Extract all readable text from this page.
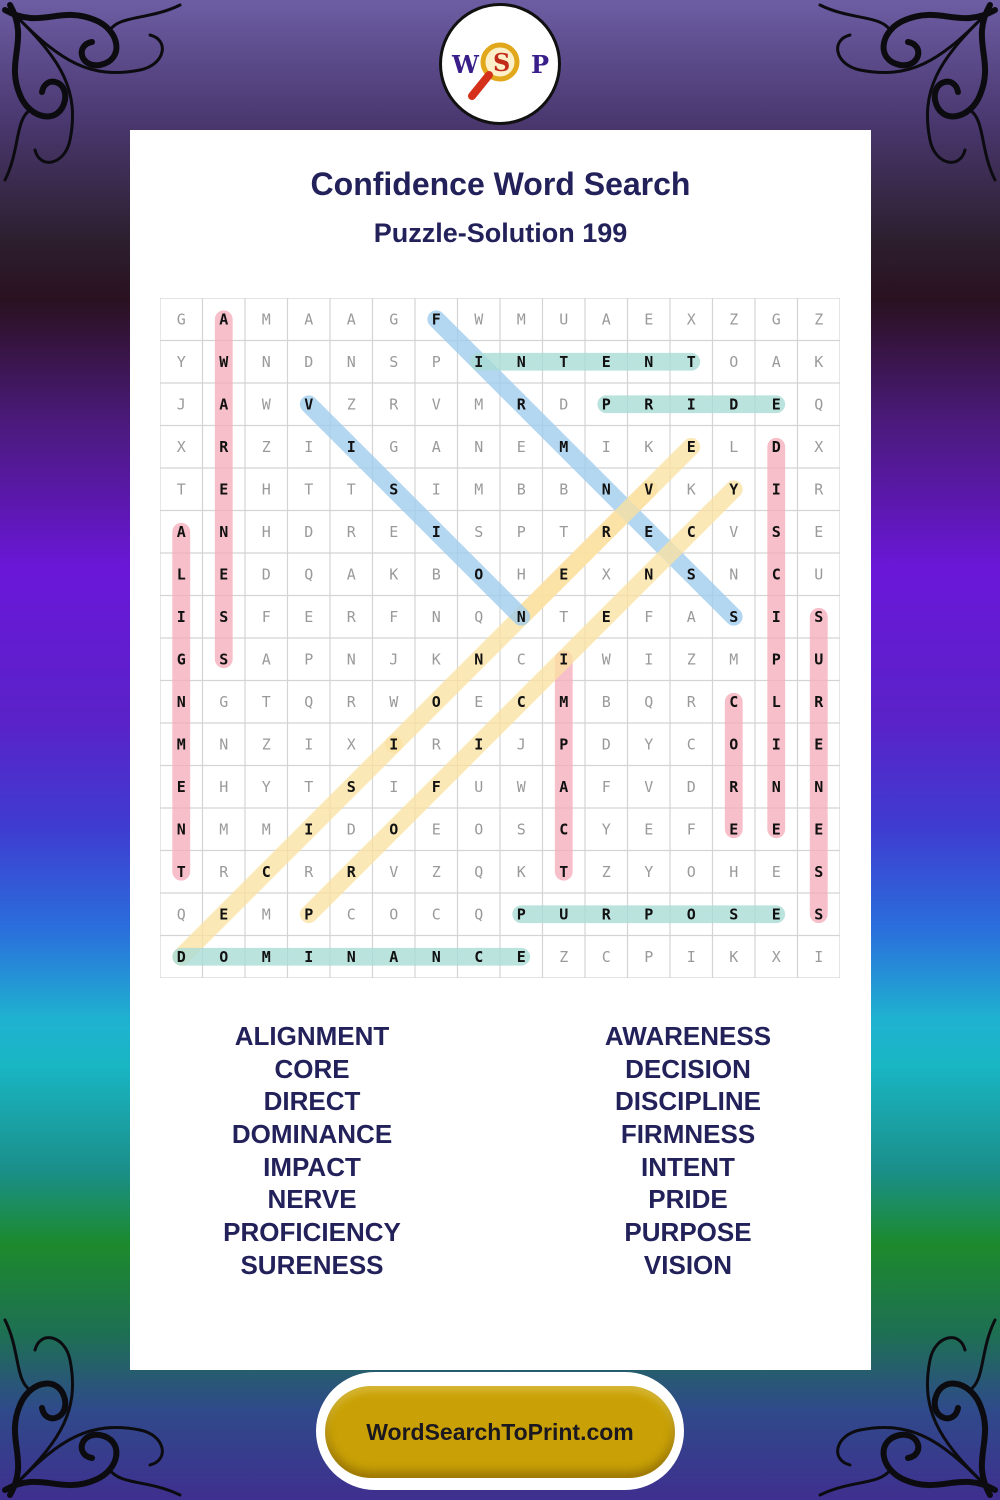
Confidence Word Search
Puzzle-Solution 199
W S P
G A M A A G F W M U A E X Z G Z
Y W N D N S P I N T E N T O A K
J A W V Z R V M R D P R I D E Q
X R Z I I G A N E M I K E L D X
T E H T T S I M B B N V K Y I R
A N H D R E I S P T R E C V S E
L E D Q A K B O H E X N S N C U
I S F E R F N Q N T E F A S I S
G S A P N J K N C I W I Z M P U
N G T Q R W O E C M B Q R C L R
M N Z I X I R I J P D Y C O I E
E H Y T S I F U W A F V D R N N
N M M I D O E O S C Y E F E E E
T R C R R V Z Q K T Z Y O H E S
Q E M P C O C Q P U R P O S E S
D O M I N A N C E Z C P I K X I
ALIGNMENT
CORE
DIRECT
DOMINANCE
IMPACT
NERVE
PROFICIENCY
SURENESS
AWARENESS
DECISION
DISCIPLINE
FIRMNESS
INTENT
PRIDE
PURPOSE
VISION
WordSearchToPrint.com
